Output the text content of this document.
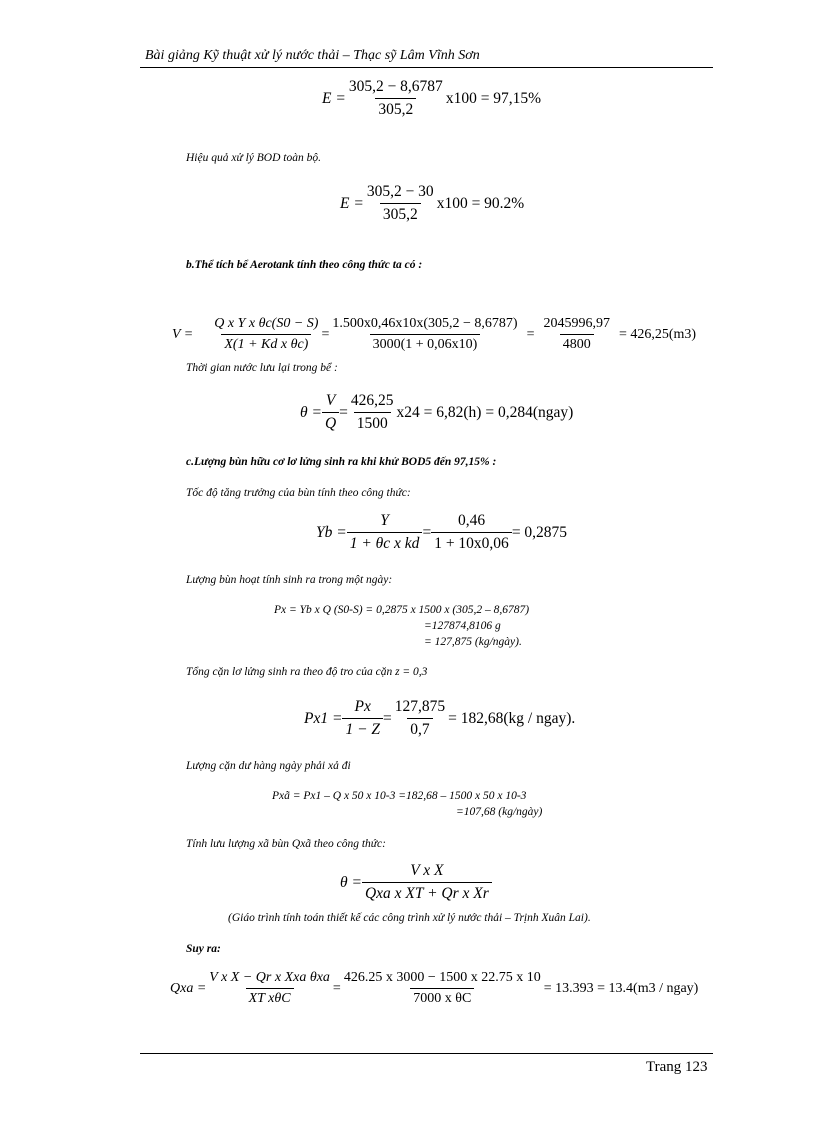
Bài giảng Kỹ thuật xử lý nước thải – Thạc sỹ Lâm Vĩnh Sơn
$E = \frac{305,2 - 8,6787}{305,2} x100 = 97,15\%$
Hiệu quả xử lý BOD toàn bộ.
$E = \frac{305,2 - 30}{305,2} x100 = 90.2\%$
b.Thể tích bể Aerotank tính theo công thức ta có :
$V = \frac{\text{Q x Y x θc(S0 − S)}}{\text{X(1 + Kd x θc)}} = \frac{1.500x0,46x10x(305,2 - 8,6787)}{3000(1 + 0,06x10)} = \frac{2045996,97}{4800} = 426,25(m3)$
Thời gian nước lưu lại trong bể :
$\theta = \frac{V}{Q} = \frac{426,25}{1500} x24 = 6,82(h)$ = 0,284(ngay)
c.Lượng bùn hữu cơ lơ lửng sinh ra khi khử BOD5 đến 97,15% :
Tốc độ tăng trưởng của bùn tính theo công thức:
$Yb = \frac{Y}{\text{1 + θc x kd}} = \frac{0,46}{1 + 10x0,06} = 0,2875$
Lượng bùn hoạt tính sinh ra trong một ngày:
Px = Yb x Q (S0-S) = 0,2875 x 1500 x (305,2 – 8,6787)
=127874,8106 g
= 127,875 (kg/ngày).
Tổng cặn lơ lửng sinh ra theo độ tro của cặn z = 0,3
$Px1 = \frac{Px}{1 - Z} = \frac{127,875}{0,7} = 182,68(kg$ / ngay).
Lượng cặn dư hàng ngày phải xả đi
Pxã = Px1 – Q x 50 x 10-3 =182,68 – 1500 x 50 x 10-3
=107,68 (kg/ngày)
Tính lưu lượng xã bùn Qxã theo công thức:
$\theta = \frac{\text{V x X}}{\text{Qxa x XT + Qr x Xr}}$
(Giáo trình tính toán thiết kế các công trình xử lý nước thải – Trịnh Xuân Lai).
Suy ra:
Qxa = $\frac{\text{V x X − Qr x Xxa θxa}}{\text{XT xθC}} = \frac{426.25 x 3000 - 1500 x 22.75 x 10}{\text{7000 x θC}} = 13.393 = 13.4(m3$ / ngay)
Trang 123
